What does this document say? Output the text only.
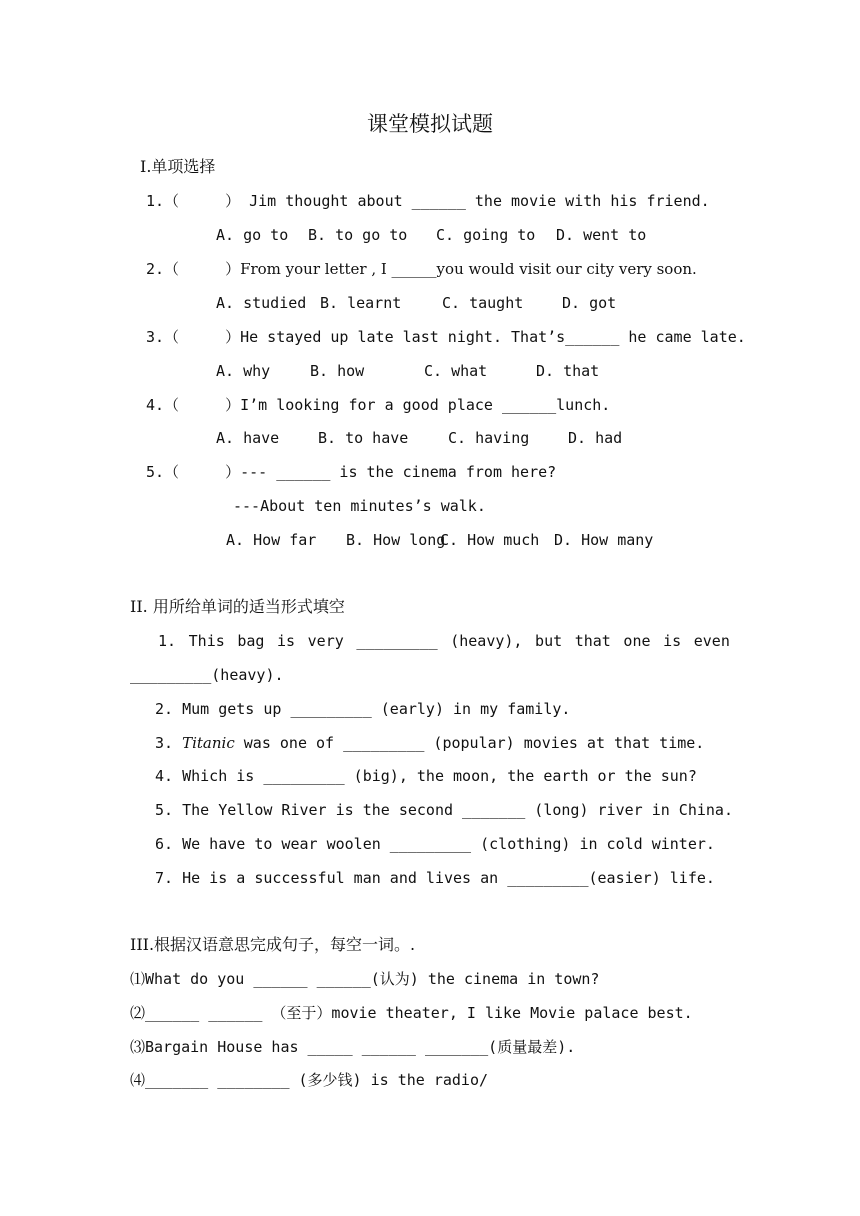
课堂模拟试题
I.单项选择
1.（	） Jim thought about ______ the movie with his friend.
A. go to B. to go to C. going to D. went to
2.（	）From your letter , I ______you would visit our city very soon.
A. studied B. learnt	C. taught	D. got
3.（	）He stayed up late last night. That’s______ he came late.
A. why	B. how	C. what	D. that
4.（	）I’m looking for a good place ______lunch.
A. have	B. to have	C. having	D. had
5.（	）--- ______ is the cinema from here?
---About ten minutes’s walk.
A. How far B. How longC. How much D. How many
II. 用所给单词的适当形式填空
1. This bag is very _________ (heavy), but that one is even
_________(heavy).
2. Mum gets up _________ (early) in my family.
3. Titanic was one of _________ (popular) movies at that time.
4. Which is _________ (big), the moon, the earth or the sun?
5. The Yellow River is the second _______ (long) river in China.
6. We have to wear woolen _________ (clothing) in cold winter.
7. He is a successful man and lives an _________(easier) life.
III.根据汉语意思完成句子，每空一词。.
⑴What do you ______ ______(认为) the cinema in town?
⑵______ ______ （至于）movie theater, I like Movie palace best.
⑶Bargain House has _____ ______ _______(质量最差).
⑷_______ ________ (多少钱) is the radio/
